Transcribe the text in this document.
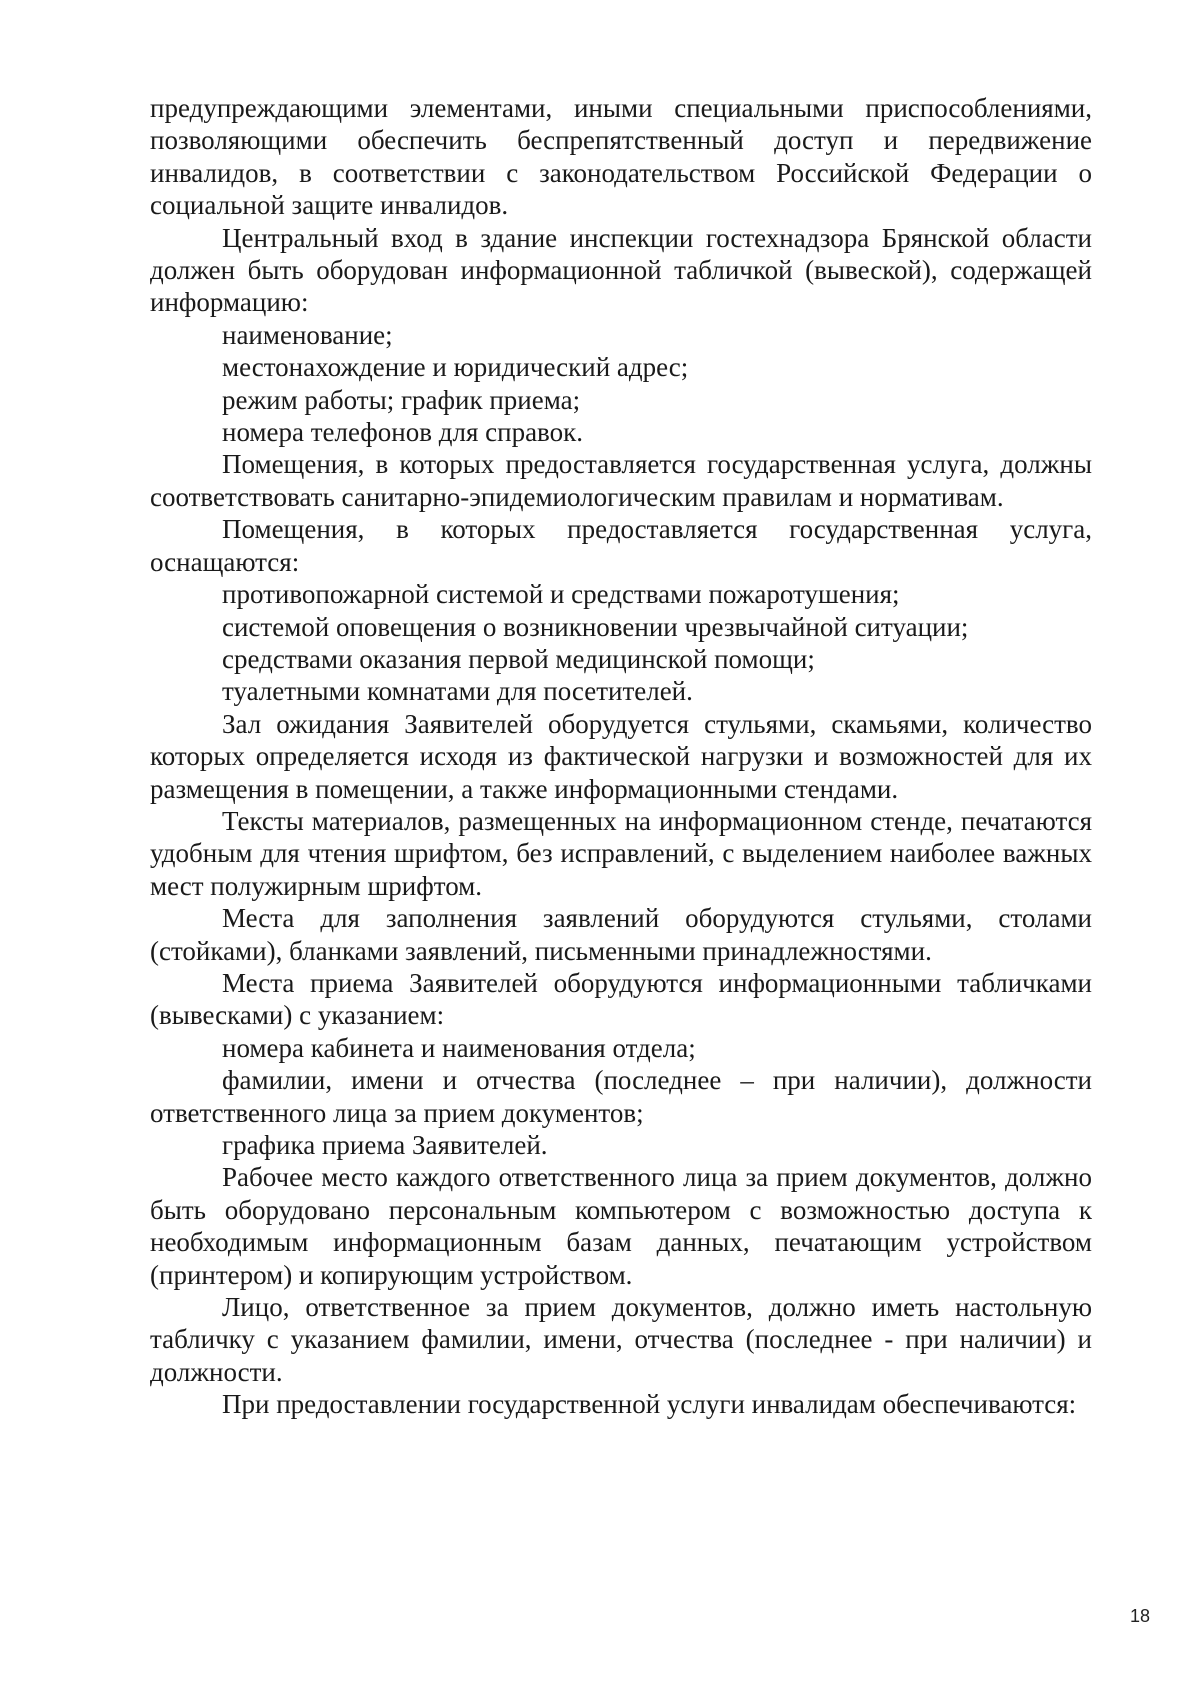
предупреждающими элементами, иными специальными приспособлениями, позволяющими обеспечить беспрепятственный доступ и передвижение инвалидов, в соответствии с законодательством Российской Федерации о социальной защите инвалидов.

Центральный вход в здание инспекции гостехнадзора Брянской области должен быть оборудован информационной табличкой (вывеской), содержащей информацию:

наименование;

местонахождение и юридический адрес;

режим работы; график приема;

номера телефонов для справок.

Помещения, в которых предоставляется государственная услуга, должны соответствовать санитарно-эпидемиологическим правилам и нормативам.

Помещения, в которых предоставляется государственная услуга, оснащаются:

противопожарной системой и средствами пожаротушения;

системой оповещения о возникновении чрезвычайной ситуации;

средствами оказания первой медицинской помощи;

туалетными комнатами для посетителей.

Зал ожидания Заявителей оборудуется стульями, скамьями, количество которых определяется исходя из фактической нагрузки и возможностей для их размещения в помещении, а также информационными стендами.

Тексты материалов, размещенных на информационном стенде, печатаются удобным для чтения шрифтом, без исправлений, с выделением наиболее важных мест полужирным шрифтом.

Места для заполнения заявлений оборудуются стульями, столами (стойками), бланками заявлений, письменными принадлежностями.

Места приема Заявителей оборудуются информационными табличками (вывесками) с указанием:

номера кабинета и наименования отдела;

фамилии, имени и отчества (последнее – при наличии), должности ответственного лица за прием документов;

графика приема Заявителей.

Рабочее место каждого ответственного лица за прием документов, должно быть оборудовано персональным компьютером с возможностью доступа к необходимым информационным базам данных, печатающим устройством (принтером) и копирующим устройством.

Лицо, ответственное за прием документов, должно иметь настольную табличку с указанием фамилии, имени, отчества (последнее - при наличии) и должности.

При предоставлении государственной услуги инвалидам обеспечиваются:

18
